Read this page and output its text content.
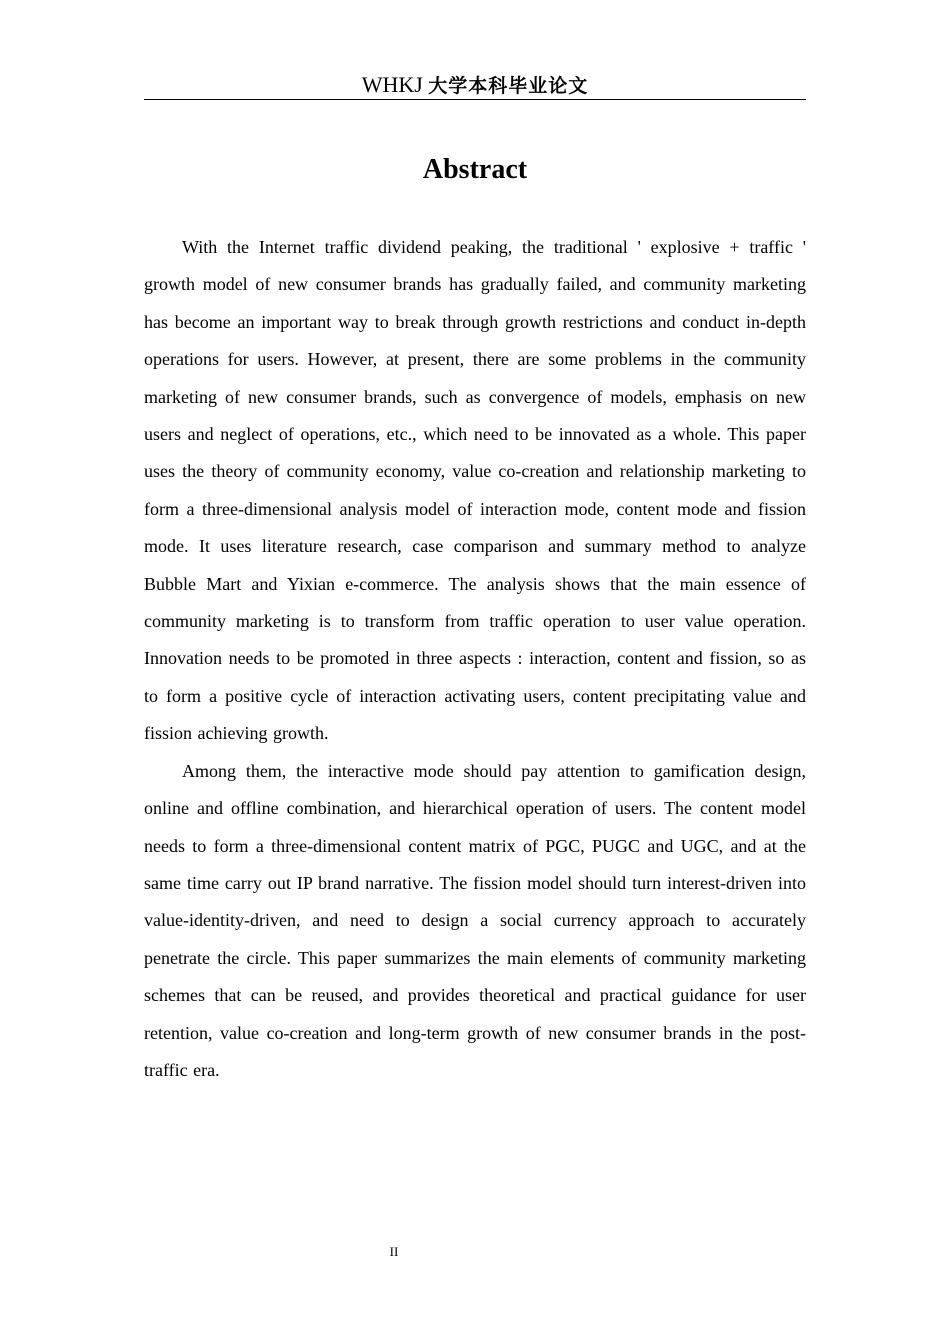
WHKJ 大学本科毕业论文
Abstract

With the Internet traffic dividend peaking, the traditional ' explosive + traffic ' growth model of new consumer brands has gradually failed, and community marketing has become an important way to break through growth restrictions and conduct in-depth operations for users. However, at present, there are some problems in the community marketing of new consumer brands, such as convergence of models, emphasis on new users and neglect of operations, etc., which need to be innovated as a whole. This paper uses the theory of community economy, value co-creation and relationship marketing to form a three-dimensional analysis model of interaction mode, content mode and fission mode. It uses literature research, case comparison and summary method to analyze Bubble Mart and Yixian e-commerce. The analysis shows that the main essence of community marketing is to transform from traffic operation to user value operation. Innovation needs to be promoted in three aspects : interaction, content and fission, so as to form a positive cycle of interaction activating users, content precipitating value and fission achieving growth.

Among them, the interactive mode should pay attention to gamification design, online and offline combination, and hierarchical operation of users. The content model needs to form a three-dimensional content matrix of PGC, PUGC and UGC, and at the same time carry out IP brand narrative. The fission model should turn interest-driven into value-identity-driven, and need to design a social currency approach to accurately penetrate the circle. This paper summarizes the main elements of community marketing schemes that can be reused, and provides theoretical and practical guidance for user retention, value co-creation and long-term growth of new consumer brands in the post-traffic era.

II
